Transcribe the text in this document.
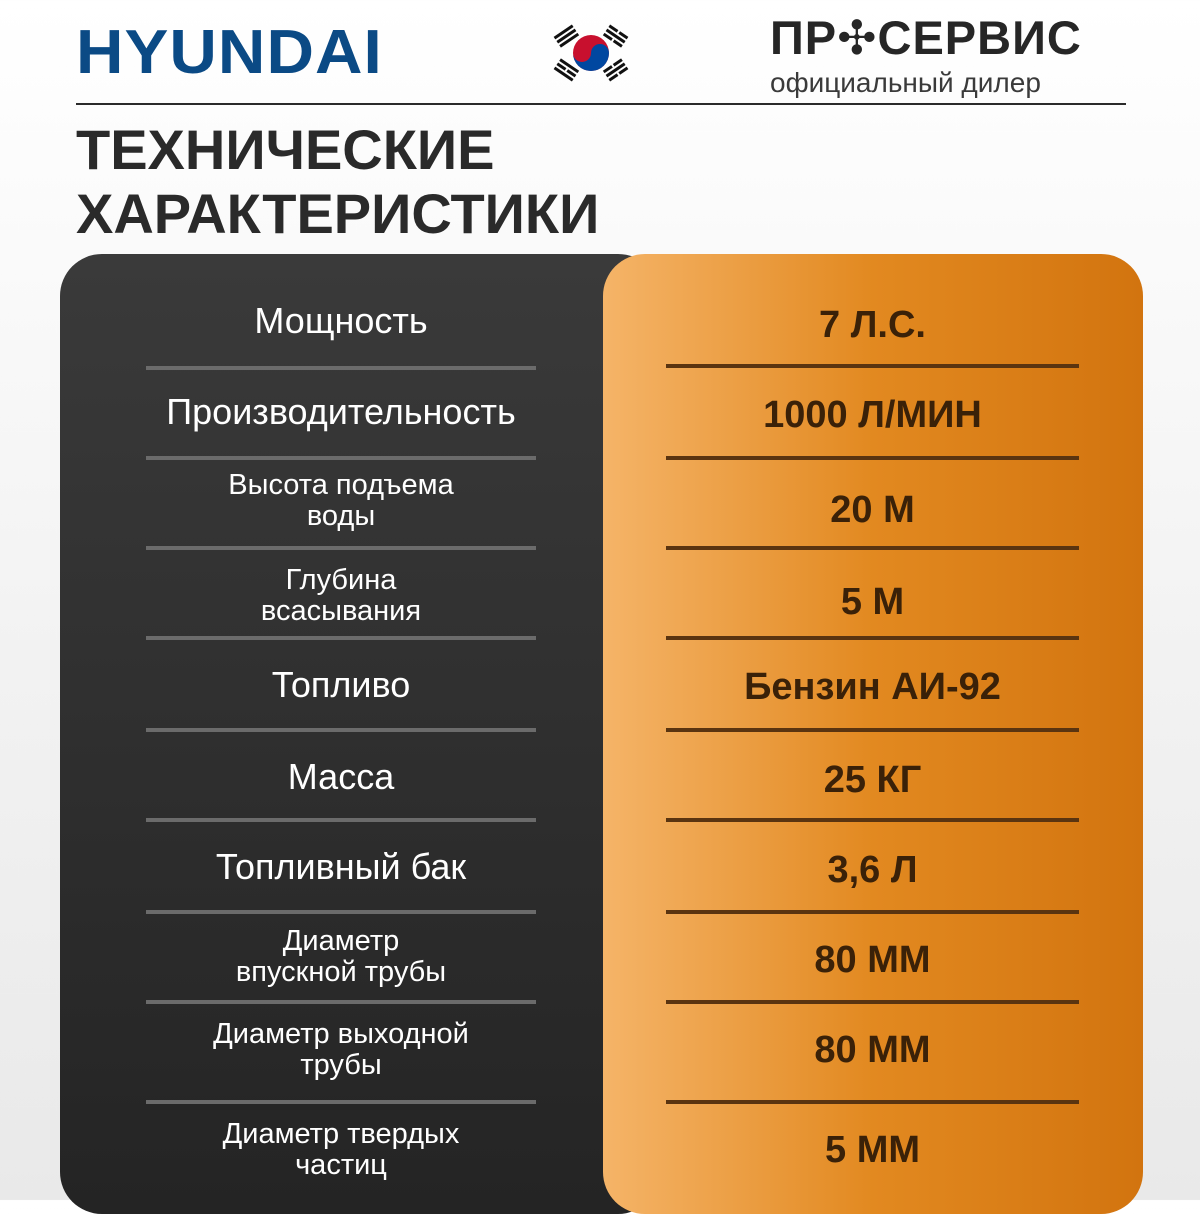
HYUNDAI	ПР✣СЕРВИС
официальный дилер
ТЕХНИЧЕСКИЕ
ХАРАКТЕРИСТИКИ
Мощность	7 Л.С.
Производительность	1000 Л/МИН
Высота подъема
воды	20 М
Глубина
всасывания	5 М
Топливо	Бензин АИ-92
Масса	25 КГ
Топливный бак	3,6 Л
Диаметр
впускной трубы	80 ММ
Диаметр выходной
трубы	80 ММ
Диаметр твердых
частиц	5 ММ
